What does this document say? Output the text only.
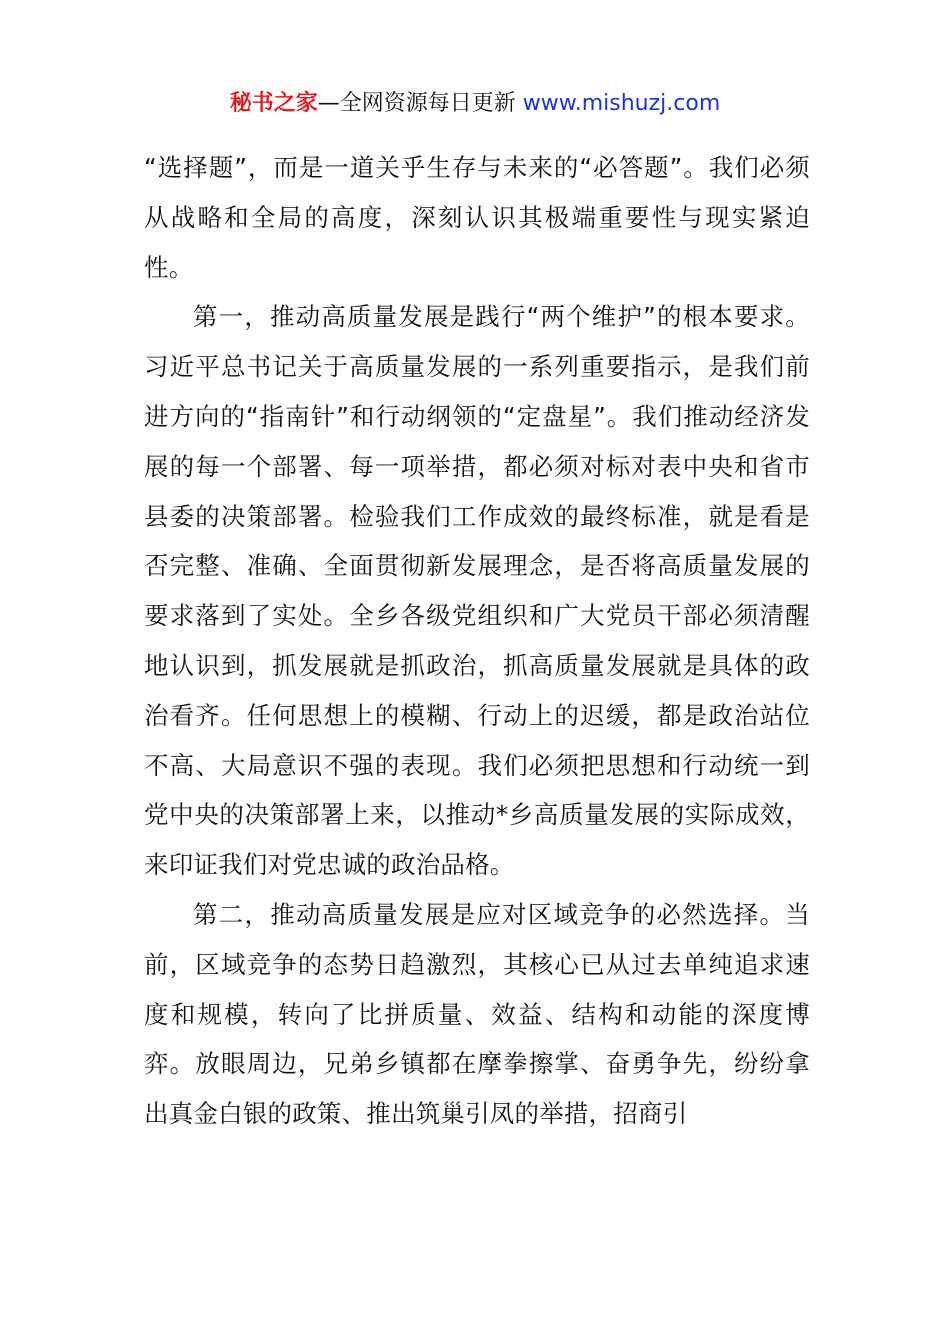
秘书之家—全网资源每日更新 www.mishuzj.com

“选择题”，而是一道关乎生存与未来的“必答题”。我们必须从战略和全局的高度，深刻认识其极端重要性与现实紧迫性。

第一，推动高质量发展是践行“两个维护”的根本要求。习近平总书记关于高质量发展的一系列重要指示，是我们前进方向的“指南针”和行动纲领的“定盘星”。我们推动经济发展的每一个部署、每一项举措，都必须对标对表中央和省市县委的决策部署。检验我们工作成效的最终标准，就是看是否完整、准确、全面贯彻新发展理念，是否将高质量发展的要求落到了实处。全乡各级党组织和广大党员干部必须清醒地认识到，抓发展就是抓政治，抓高质量发展就是具体的政治看齐。任何思想上的模糊、行动上的迟缓，都是政治站位不高、大局意识不强的表现。我们必须把思想和行动统一到党中央的决策部署上来，以推动*乡高质量发展的实际成效，来印证我们对党忠诚的政治品格。

第二，推动高质量发展是应对区域竞争的必然选择。当前，区域竞争的态势日趋激烈，其核心已从过去单纯追求速度和规模，转向了比拼质量、效益、结构和动能的深度博弈。放眼周边，兄弟乡镇都在摩拳擦掌、奋勇争先，纷纷拿出真金白银的政策、推出筑巢引凤的举措，招商引
